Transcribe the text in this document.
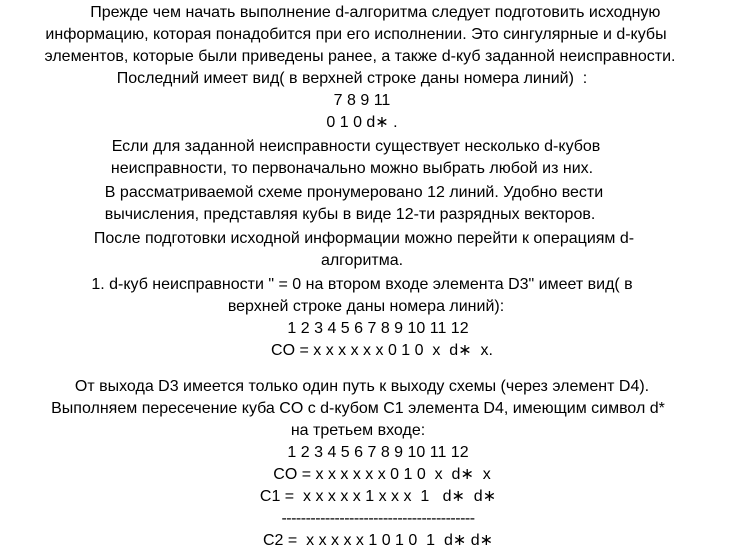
Прежде чем начать выполнение d-алгоритма следует подготовить исходную
информацию, которая понадобится при его исполнении. Это сингулярные и d-кубы
элементов, которые были приведены ранее, а также d-куб заданной неисправности.
Последний имеет вид( в верхней строке даны номера линий)  :
7 8 9 11
0 1 0 d∗ .
Если для заданной неисправности существует несколько d-кубов
неисправности, то первоначально можно выбрать любой из них.
В рассматриваемой схеме пронумеровано 12 линий. Удобно вести
вычисления, представляя кубы в виде 12-ти разрядных векторов.
После подготовки исходной информации можно перейти к операциям d-
алгоритма.
1. d-куб неисправности " = 0 на втором входе элемента D3" имеет вид( в
верхней строке даны номера линий):
1 2 3 4 5 6 7 8 9 10 11 12
CO = x x x x x x 0 1 0  x  d∗  x.
От выхода D3 имеется только один путь к выходу схемы (через элемент D4).
Выполняем пересечение куба CO с d-кубом C1 элемента D4, имеющим символ d*
на третьем входе:
1 2 3 4 5 6 7 8 9 10 11 12
CO = x x x x x x 0 1 0  x  d∗  x
C1 =  x x x x x 1 x x x  1   d∗  d∗
----------------------------------------
C2 =  x x x x x 1 0 1 0  1  d∗ d∗
